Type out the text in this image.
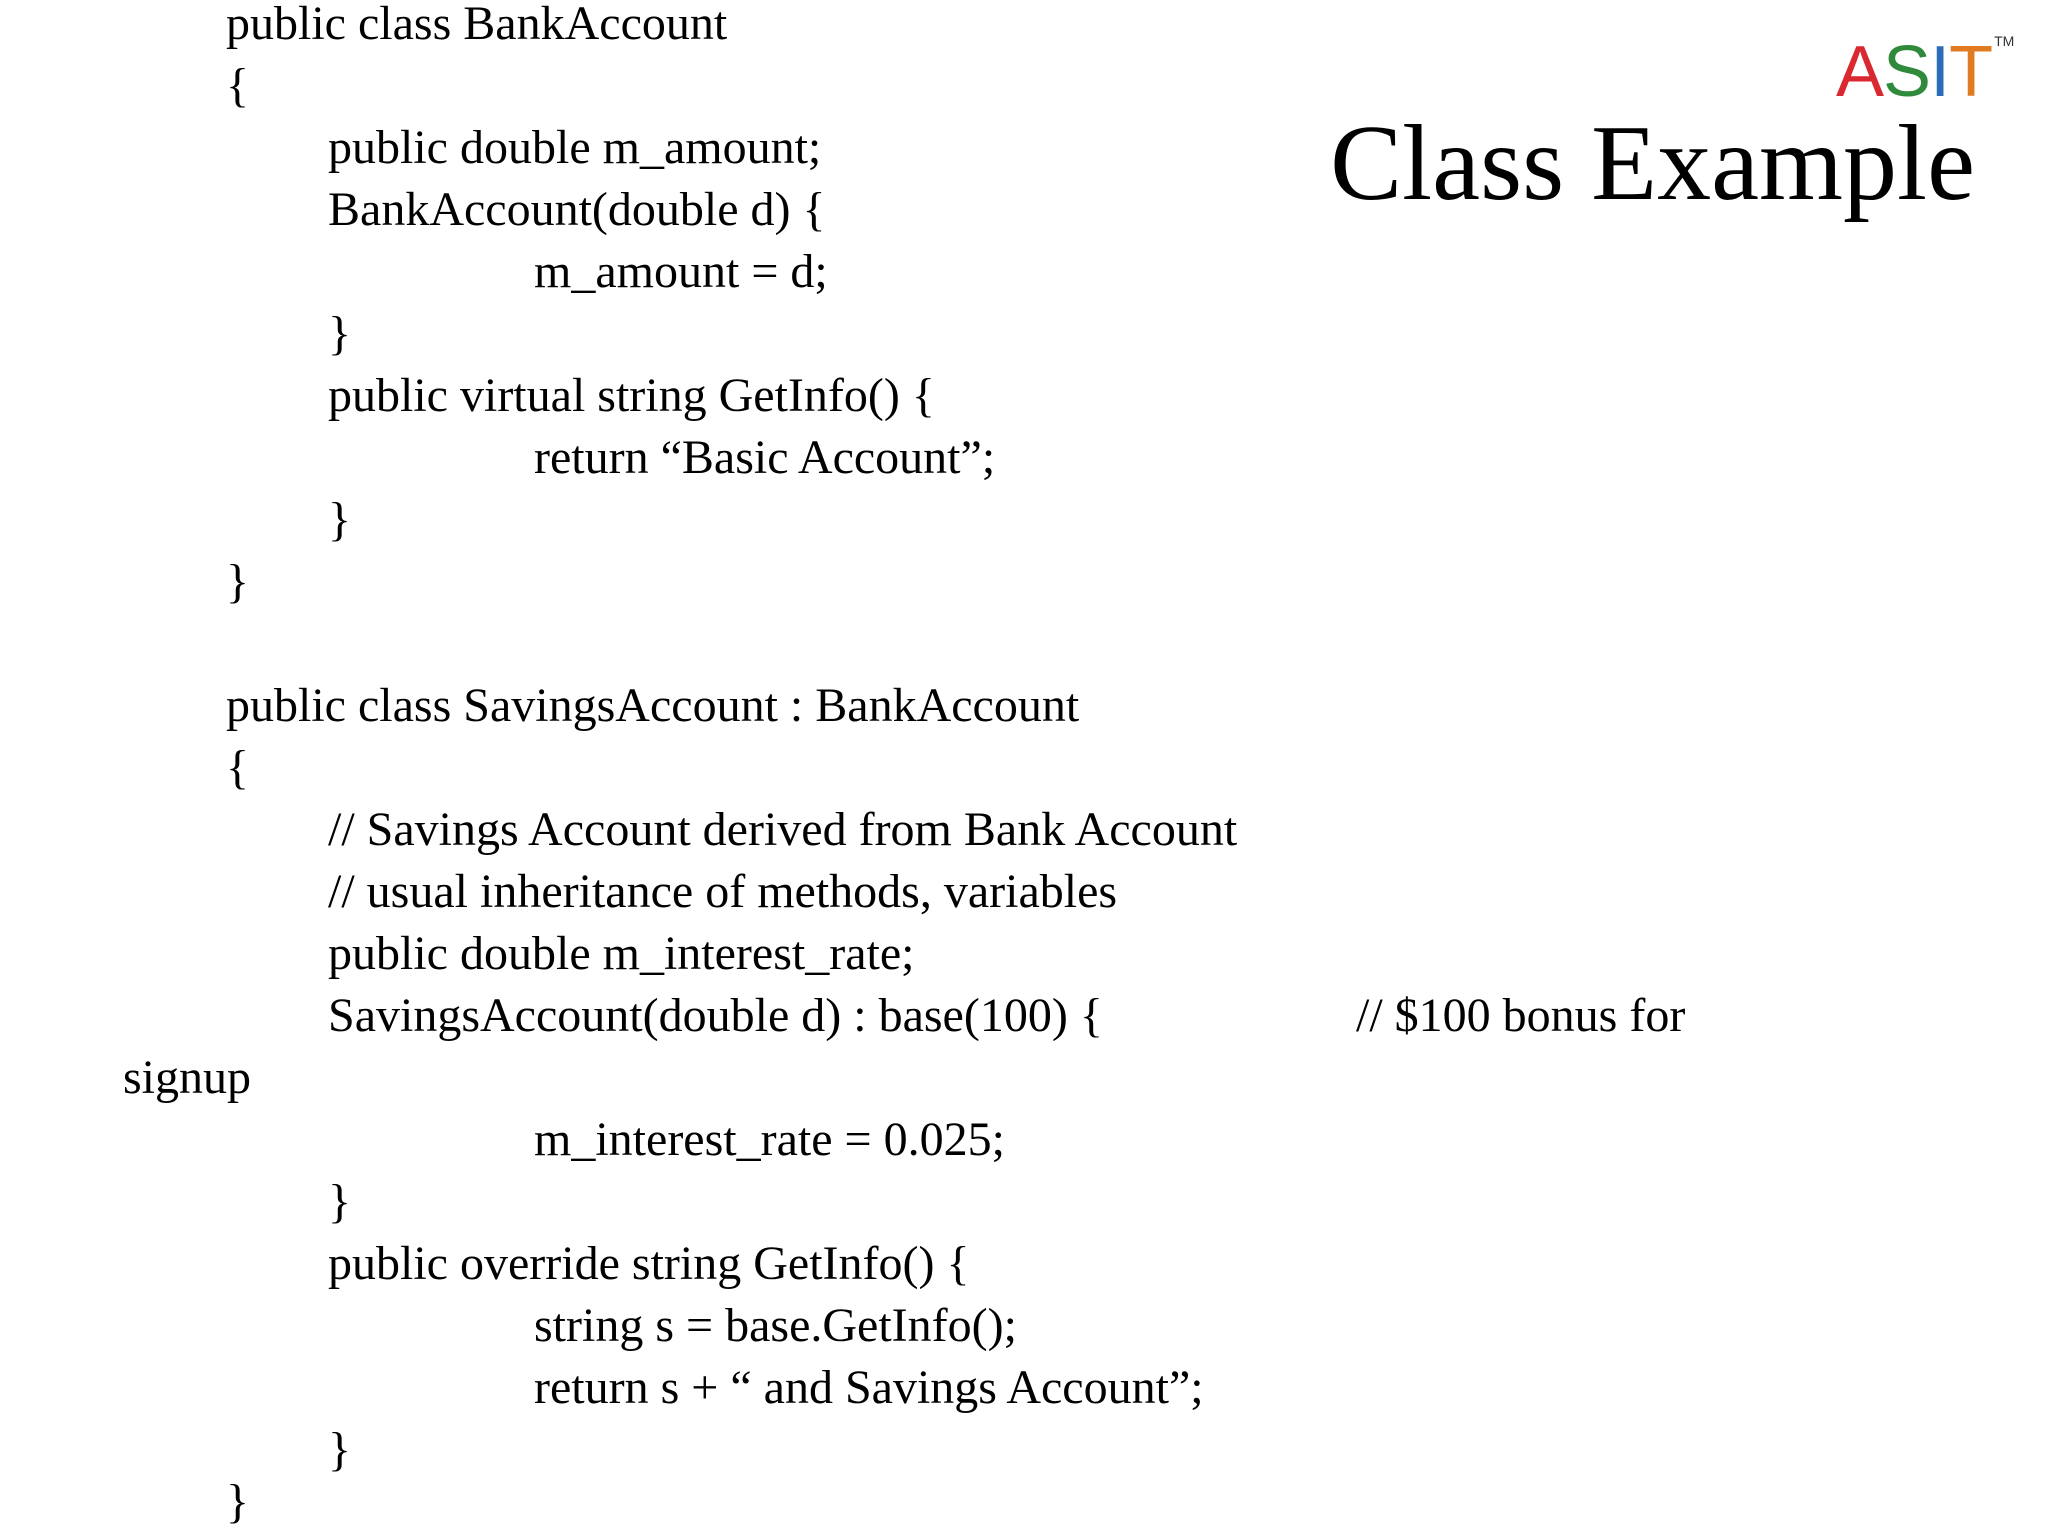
A S I T TM
Class Example
public class BankAccount
{
public double m_amount;
BankAccount(double d) {
m_amount = d;
}
public virtual string GetInfo() {
return “Basic Account”;
}
}
public class SavingsAccount : BankAccount
{
// Savings Account derived from Bank Account
// usual inheritance of methods, variables
public double m_interest_rate;
SavingsAccount(double d) : base(100) {	// $100 bonus for
signup
m_interest_rate = 0.025;
}
public override string GetInfo() {
string s = base.GetInfo();
return s + “ and Savings Account”;
}
}
